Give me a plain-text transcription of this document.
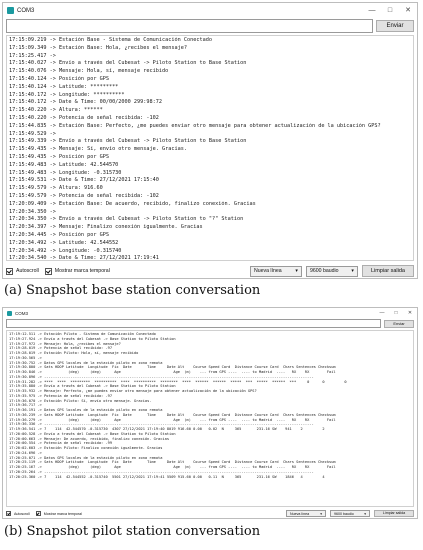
COM3	—	□	✕
Enviar
17:15:09.219 -> Estación Base - Sistema de Comunicación Conectado
17:15:09.349 -> Estación Base: Hola, ¿recibes el mensaje?
17:15:25.417 ->
17:15:40.027 -> Envío a través del Cubesat -> Piloto Station to Base Station
17:15:40.076 -> Mensaje: Hola, sí, mensaje recibido
17:15:40.124 -> Posición por GPS
17:15:40.124 -> Latitude: *********
17:15:40.172 -> Longitude: **********
17:15:40.172 -> Date & Time: 00/00/2000 299:98:72
17:15:40.220 -> Altura: ******
17:15:40.220 -> Potencia de señal recibida: -102
17:15:44.835 -> Estación Base: Perfecto, ¿me puedes enviar otro mensaje para obtener actualización de la ubicación GPS?
17:15:49.529 ->
17:15:49.339 -> Envío a través del Cubesat -> Piloto Station to Base Station
17:15:49.435 -> Mensaje: Sí, envío otro mensaje. Gracias.
17:15:49.435 -> Posición por GPS
17:15:49.483 -> Latitude: 42.544570
17:15:49.483 -> Longitude: -0.315730
17:15:49.531 -> Date & Time: 27/12/2021 17:15:40
17:15:49.579 -> Altura: 916.60
17:15:49.579 -> Potencia de señal recibida: -102
17:20:09.409 -> Estación Base: De acuerdo, recibido, finalizo conexión. Gracias
17:20:34.350 ->
17:20:34.350 -> Envío a través del Cubesat -> Piloto Station to "?" Station
17:20:34.397 -> Mensaje: Finalizo conexión igualmente. Gracias
17:20:34.445 -> Posición por GPS
17:20:34.492 -> Latitude: 42.544552
17:20:34.492 -> Longitude: -0.315740
17:20:34.540 -> Date & Time: 27/12/2021 17:19:41
Autoscroll	Mostrar marca temporal	Nueva línea	▾ 9600 baudio ▾	Limpiar salida
(a) Snapshot base station conversation
COM3	—	□	✕
Enviar
17:19:12.511 -> Estación Piloto - Sistema de Comunicación Conectado
17:19:27.924 -> Envío a través del Cubesat -> Base Station to Piloto Station
17:19:27.972 -> Mensaje: Hola, ¿recibes el mensaje?
17:19:28.019 -> Potencia de señal recibida: -97
17:19:28.019 -> Estación Piloto: Hola, sí, mensaje recibido
17:19:30.565 ->
17:19:30.752 -> Datos GPS locales de la estación piloto en zona remota
17:19:30.800 -> Sats HDOP Latitude  Longitude  Fix  Date       Time     Date Alt    Course Speed Card  Distance Course Card  Chars Sentences Checksum
17:19:30.846 ->            (deg)     (deg)      Age                        Age  (m)    --- from GPS ----  ---- to Madrid  ----   RX    RX        Fail
17:19:30.896 -> ---------------------------------------------------------------------------------------------------------------------------
17:19:31.282 -> ****  ****  *********  **********  ****  **********  ********  ****  ******  ******  *****  ***  *****  ******  ***     0      0         0
17:19:35.880 -> Envío a través del Cubesat -> Base Station to Piloto Station
17:19:35.932 -> Mensaje: Perfecto, ¿me puedes enviar otro mensaje para obtener actualización de la ubicación GPS?
17:19:35.975 -> Potencia de señal recibida: -97
17:19:36.070 -> Estación Piloto: Sí, envío otro mensaje. Gracias.
17:19:36.717 ->
17:19:36.191 -> Datos GPS locales de la estación piloto en zona remota
17:19:36.239 -> Sats HDOP Latitude  Longitude  Fix  Date       Time     Date Alt    Course Speed Card  Distance Course Card  Chars Sentences Checksum
17:19:36.279 ->            (deg)     (deg)      Age                        Age  (m)    --- from GPS ----  ---- to Madrid  ----   RX    RX        Fail
17:19:36.336 -> ---------------------------------------------------------------------------------------------------------------------------
17:19:36.541 -> 7    114  42.544570 -0.315730  4307 27/12/2021 17:19:40 8019 916.60 0.00   0.02  N     365       231.16 SW    941    2         2
17:20:00.528 -> Envío a través del Cubesat -> Base Station to Piloto Station
17:20:00.663 -> Mensaje: De acuerdo, recibido, finalizo conexión. Gracias
17:20:00.554 -> Potencia de señal recibida: -99
17:20:02.603 -> Estación Piloto: Finalizo conexión igualmente. Gracias
17:20:24.696 ->
17:20:25.071 -> Datos GPS locales de la estación piloto en zona remota
17:20:25.119 -> Sats HDOP Latitude  Longitude  Fix  Date       Time     Date Alt    Course Speed Card  Distance Course Card  Chars Sentences Checksum
17:20:25.167 ->            (deg)     (deg)      Age                        Age  (m)    --- from GPS ----  ---- to Madrid  ----   RX    RX        Fail
17:20:25.264 -> ---------------------------------------------------------------------------------------------------------------------------
17:20:25.360 -> 7    114  42.544552 -0.315740  5501 27/12/2021 17:19:41 5509 915.60 0.00   0.11  N     365       231.16 SW    1846   4         4
Autoscroll	Mostrar marca temporal	Nueva línea	▾	9600 baudio	▾	Limpiar salida
(b) Snapshot pilot station conversation
